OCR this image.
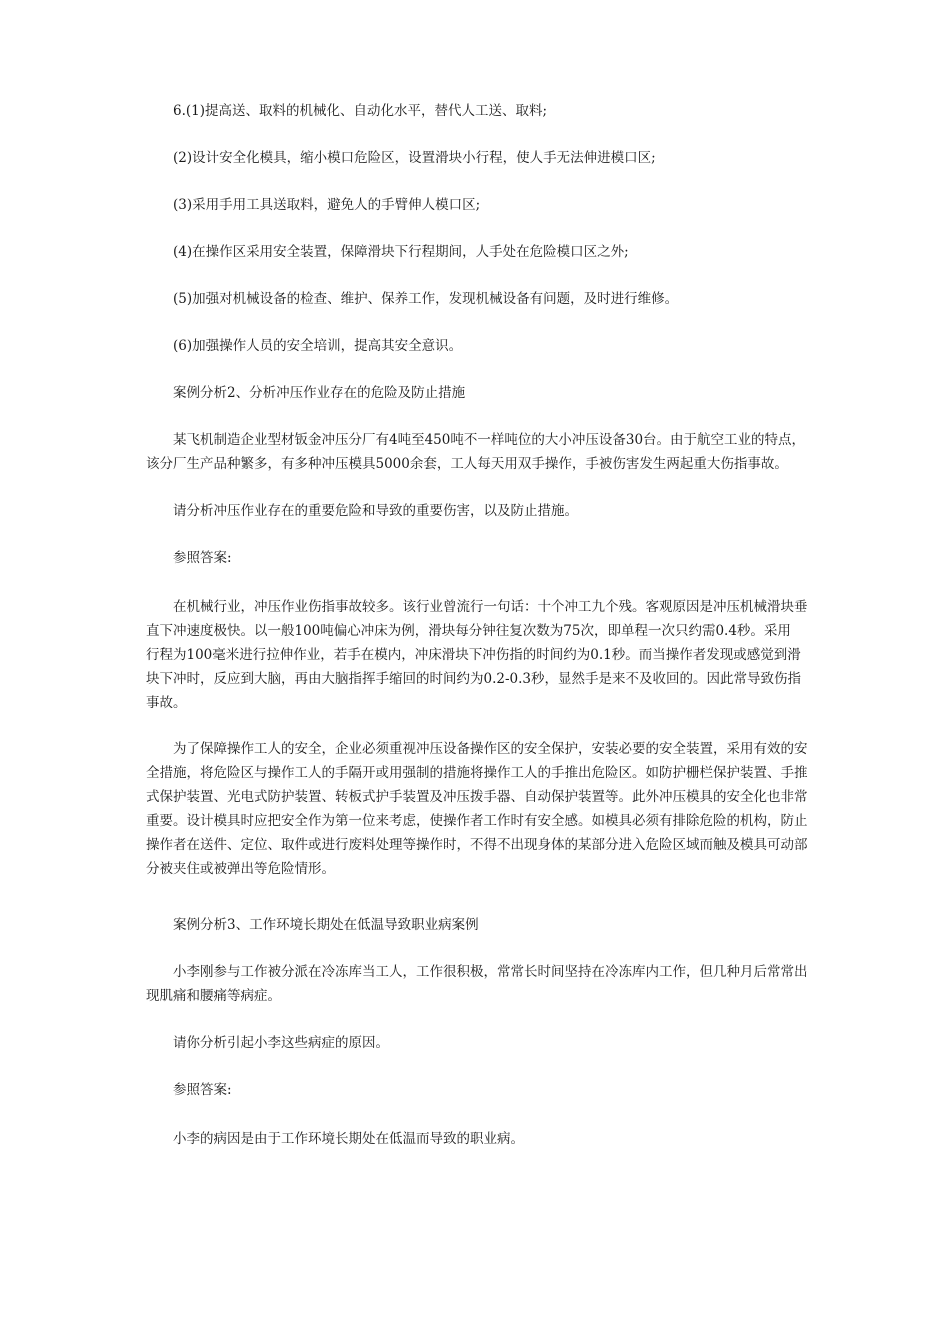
6.(1)提高送、取料的机械化、自动化水平，替代人工送、取料;

(2)设计安全化模具，缩小模口危险区，设置滑块小行程，使人手无法伸进模口区;

(3)采用手用工具送取料，避免人的手臂伸人模口区;

(4)在操作区采用安全装置，保障滑块下行程期间，人手处在危险模口区之外;

(5)加强对机械设备的检查、维护、保养工作，发现机械设备有问题，及时进行维修。

(6)加强操作人员的安全培训，提高其安全意识。

案例分析2、分析冲压作业存在的危险及防止措施

某飞机制造企业型材钣金冲压分厂有4吨至450吨不一样吨位的大小冲压设备30台。由于航空工业的特点，
该分厂生产品种繁多，有多种冲压模具5000余套，工人每天用双手操作，手被伤害发生两起重大伤指事故。

请分析冲压作业存在的重要危险和导致的重要伤害，以及防止措施。

参照答案:

在机械行业，冲压作业伤指事故较多。该行业曾流行一句话：十个冲工九个残。客观原因是冲压机械滑块垂
直下冲速度极快。以一般100吨偏心冲床为例，滑块每分钟往复次数为75次，即单程一次只约需0.4秒。采用
行程为100毫米进行拉伸作业，若手在模内，冲床滑块下冲伤指的时间约为0.1秒。而当操作者发现或感觉到滑
块下冲时，反应到大脑，再由大脑指挥手缩回的时间约为0.2-0.3秒，显然手是来不及收回的。因此常导致伤指
事故。
为了保障操作工人的安全，企业必须重视冲压设备操作区的安全保护，安装必要的安全装置，采用有效的安
全措施，将危险区与操作工人的手隔开或用强制的措施将操作工人的手推出危险区。如防护栅栏保护装置、手推
式保护装置、光电式防护装置、转板式护手装置及冲压拨手器、自动保护装置等。此外冲压模具的安全化也非常
重要。设计模具时应把安全作为第一位来考虑，使操作者工作时有安全感。如模具必须有排除危险的机构，防止
操作者在送件、定位、取件或进行废料处理等操作时，不得不出现身体的某部分进入危险区域而触及模具可动部
分被夹住或被弹出等危险情形。

案例分析3、工作环境长期处在低温导致职业病案例

小李刚参与工作被分派在冷冻库当工人，工作很积极，常常长时间坚持在冷冻库内工作，但几种月后常常出
现肌痛和腰痛等病症。

请你分析引起小李这些病症的原因。

参照答案:

小李的病因是由于工作环境长期处在低温而导致的职业病。
